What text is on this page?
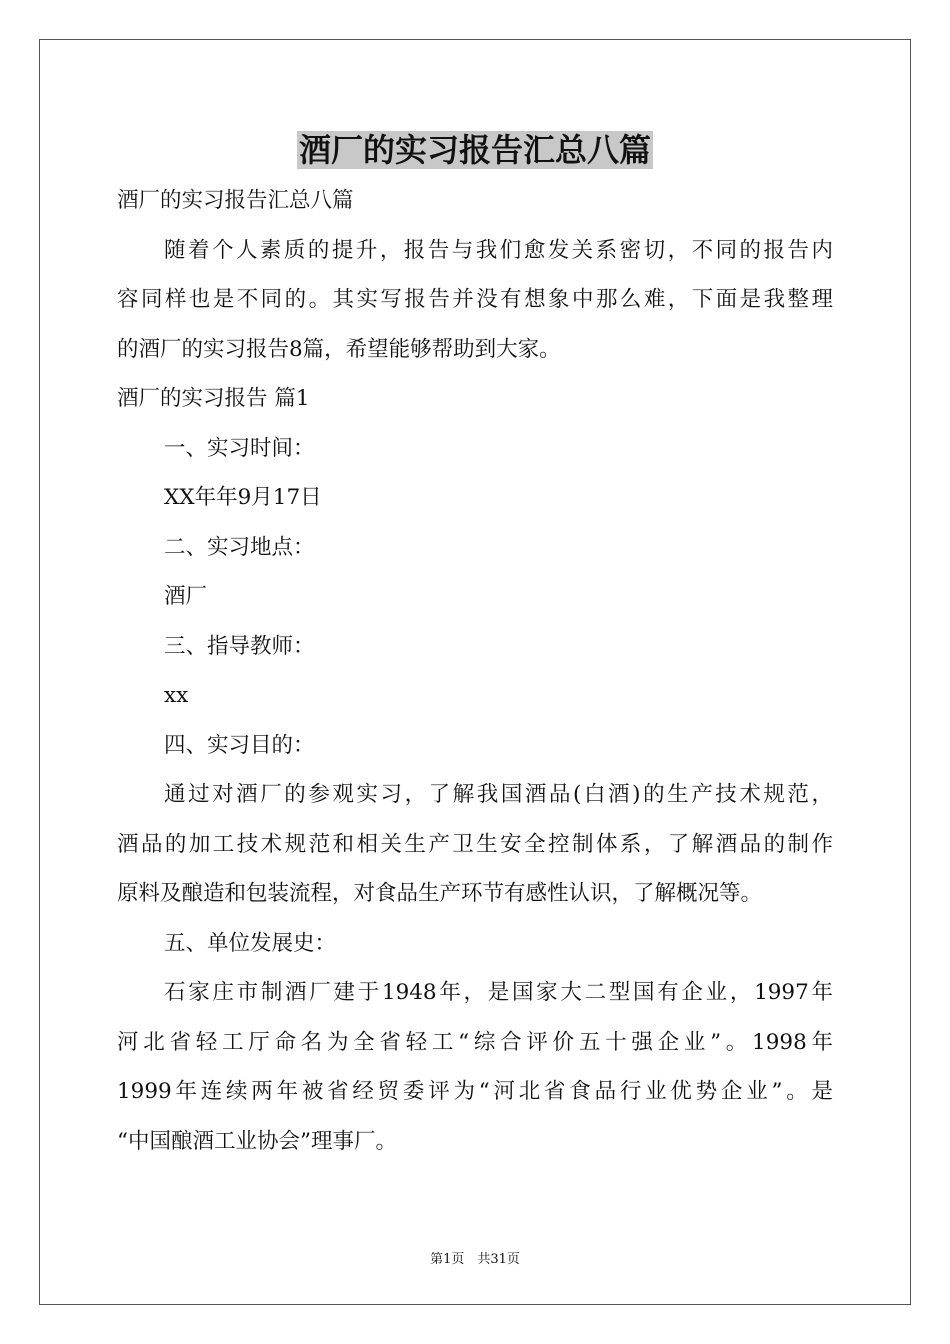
酒厂的实习报告汇总八篇

酒厂的实习报告汇总八篇

随着个人素质的提升，报告与我们愈发关系密切，不同的报告内

容同样也是不同的。其实写报告并没有想象中那么难，下面是我整理

的酒厂的实习报告8篇，希望能够帮助到大家。

酒厂的实习报告 篇1

一、实习时间：

XX年年9月17日

二、实习地点：

酒厂

三、指导教师：

xx

四、实习目的：

通过对酒厂的参观实习，了解我国酒品(白酒)的生产技术规范，

酒品的加工技术规范和相关生产卫生安全控制体系，了解酒品的制作

原料及酿造和包装流程，对食品生产环节有感性认识，了解概况等。

五、单位发展史：

石家庄市制酒厂建于1948年，是国家大二型国有企业，1997年

河北省轻工厅命名为全省轻工“综合评价五十强企业”。1998年

1999年连续两年被省经贸委评为“河北省食品行业优势企业”。是

“中国酿酒工业协会”理事厂。

第1页　共31页
